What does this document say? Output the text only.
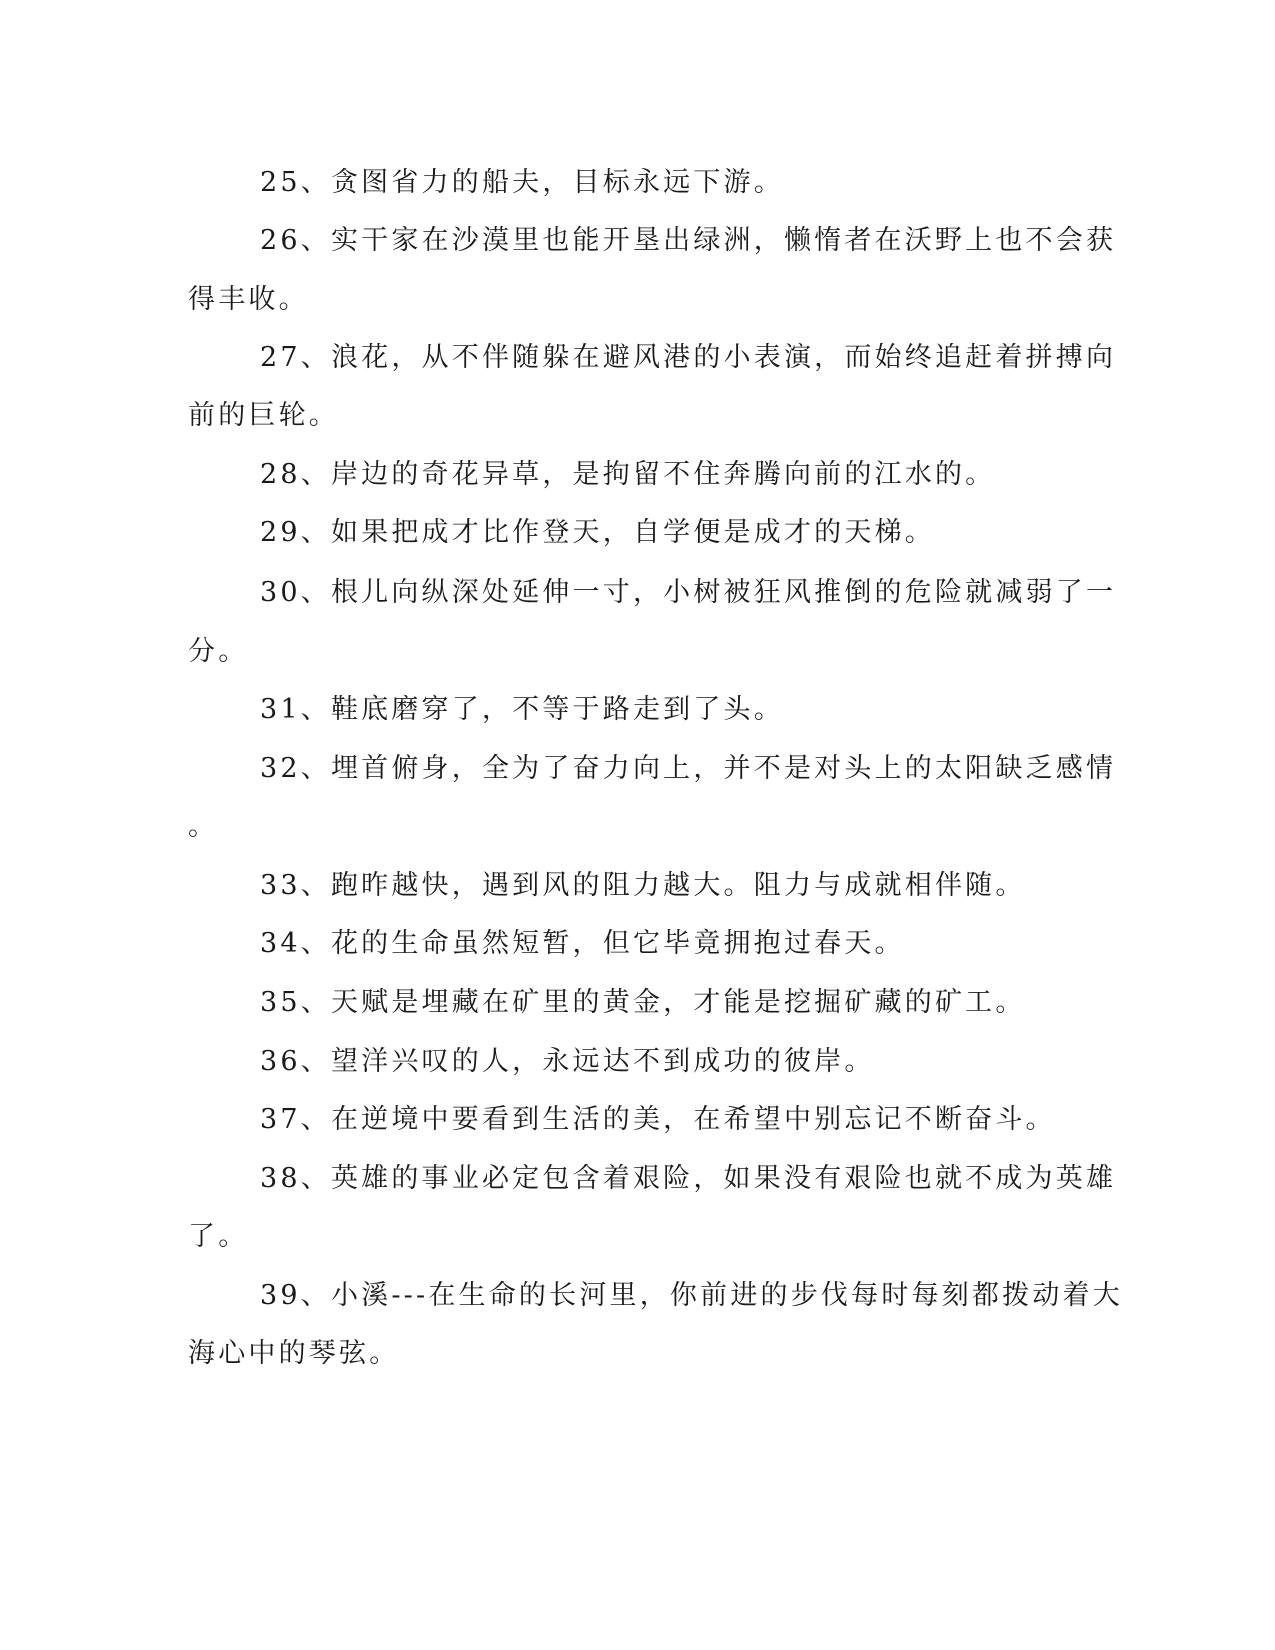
25、贪图省力的船夫，目标永远下游。
26、实干家在沙漠里也能开垦出绿洲，懒惰者在沃野上也不会获
得丰收。
27、浪花，从不伴随躲在避风港的小表演，而始终追赶着拼搏向
前的巨轮。
28、岸边的奇花异草，是拘留不住奔腾向前的江水的。
29、如果把成才比作登天，自学便是成才的天梯。
30、根儿向纵深处延伸一寸，小树被狂风推倒的危险就减弱了一
分。
31、鞋底磨穿了，不等于路走到了头。
32、埋首俯身，全为了奋力向上，并不是对头上的太阳缺乏感情
。
33、跑昨越快，遇到风的阻力越大。阻力与成就相伴随。
34、花的生命虽然短暂，但它毕竟拥抱过春天。
35、天赋是埋藏在矿里的黄金，才能是挖掘矿藏的矿工。
36、望洋兴叹的人，永远达不到成功的彼岸。
37、在逆境中要看到生活的美，在希望中别忘记不断奋斗。
38、英雄的事业必定包含着艰险，如果没有艰险也就不成为英雄
了。
39、小溪---在生命的长河里，你前进的步伐每时每刻都拨动着大
海心中的琴弦。
